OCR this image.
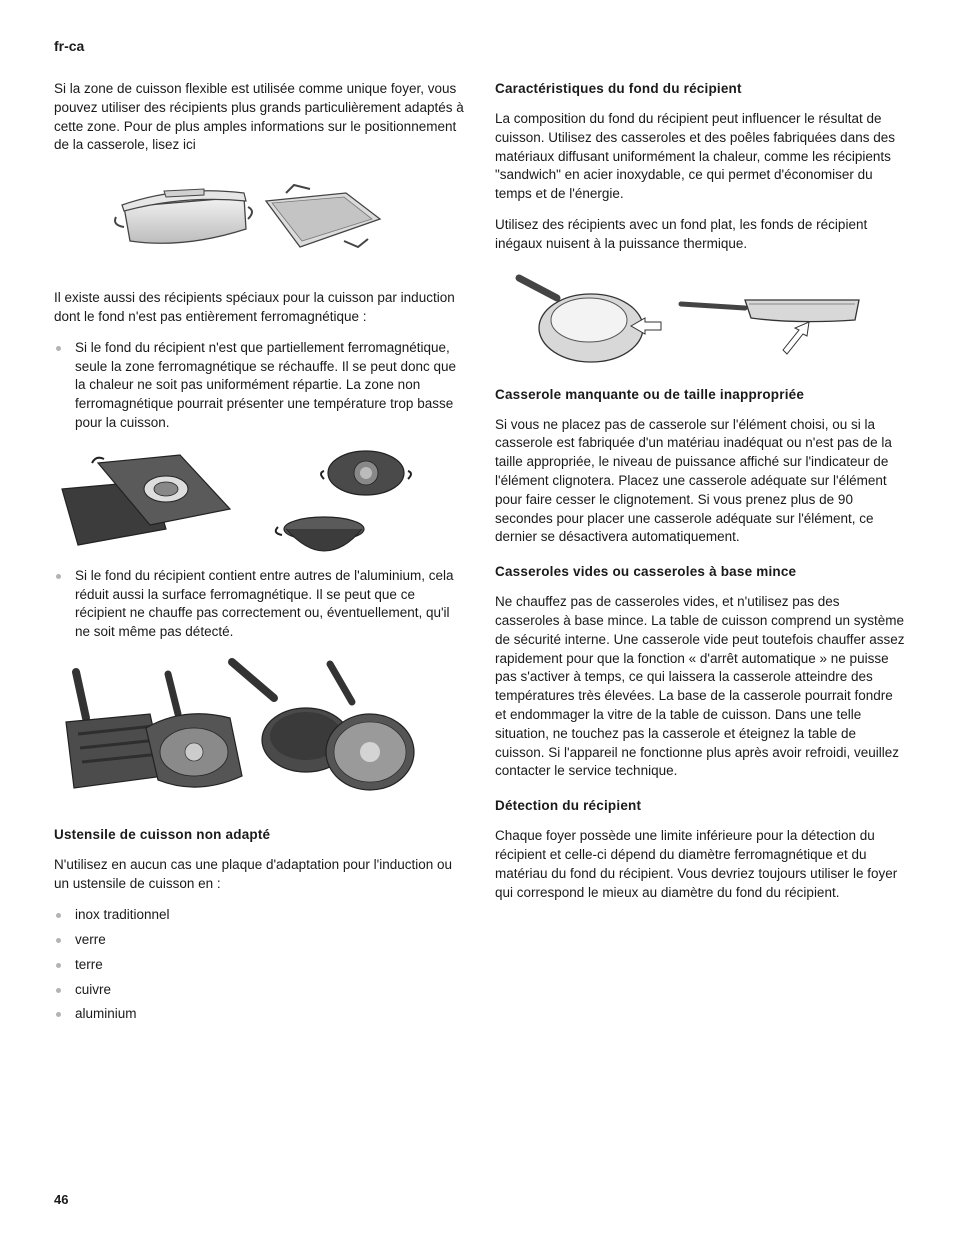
fr-ca

Si la zone de cuisson flexible est utilisée comme unique foyer, vous pouvez utiliser des récipients plus grands particulièrement adaptés à cette zone. Pour de plus amples informations sur le positionnement de la casserole, lisez ici

Il existe aussi des récipients spéciaux pour la cuisson par induction dont le fond n'est pas entièrement ferromagnétique :

Si le fond du récipient n'est que partiellement ferromagnétique, seule la zone ferromagnétique se réchauffe. Il se peut donc que la chaleur ne soit pas uniformément répartie. La zone non ferromagnétique pourrait présenter une température trop basse pour la cuisson.
Si le fond du récipient contient entre autres de l'aluminium, cela réduit aussi la surface ferromagnétique. Il se peut que ce récipient ne chauffe pas correctement ou, éventuellement, qu'il ne soit même pas détecté.
Ustensile de cuisson non adapté

N'utilisez en aucun cas une plaque d'adaptation pour l'induction ou un ustensile de cuisson en :

inox traditionnel
verre
terre
cuivre
aluminium
Caractéristiques du fond du récipient

La composition du fond du récipient peut influencer le résultat de cuisson. Utilisez des casseroles et des poêles fabriquées dans des matériaux diffusant uniformément la chaleur, comme les récipients "sandwich" en acier inoxydable, ce qui permet d'économiser du temps et de l'énergie.

Utilisez des récipients avec un fond plat, les fonds de récipient inégaux nuisent à la puissance thermique.

Casserole manquante ou de taille inappropriée

Si vous ne placez pas de casserole sur l'élément choisi, ou si la casserole est fabriquée d'un matériau inadéquat ou n'est pas de la taille appropriée, le niveau de puissance affiché sur l'indicateur de l'élément clignotera. Placez une casserole adéquate sur l'élément pour faire cesser le clignotement. Si vous prenez plus de 90 secondes pour placer une casserole adéquate sur l'élément, ce dernier se désactivera automatiquement.

Casseroles vides ou casseroles à base mince

Ne chauffez pas de casseroles vides, et n'utilisez pas des casseroles à base mince. La table de cuisson comprend un système de sécurité interne. Une casserole vide peut toutefois chauffer assez rapidement pour que la fonction « d'arrêt automatique » ne puisse pas s'activer à temps, ce qui laissera la casserole atteindre des températures très élevées. La base de la casserole pourrait fondre et endommager la vitre de la table de cuisson. Dans une telle situation, ne touchez pas la casserole et éteignez la table de cuisson. Si l'appareil ne fonctionne plus après avoir refroidi, veuillez contacter le service technique.

Détection du récipient

Chaque foyer possède une limite inférieure pour la détection du récipient et celle-ci dépend du diamètre ferromagnétique et du matériau du fond du récipient. Vous devriez toujours utiliser le foyer qui correspond le mieux au diamètre du fond du récipient.

46
